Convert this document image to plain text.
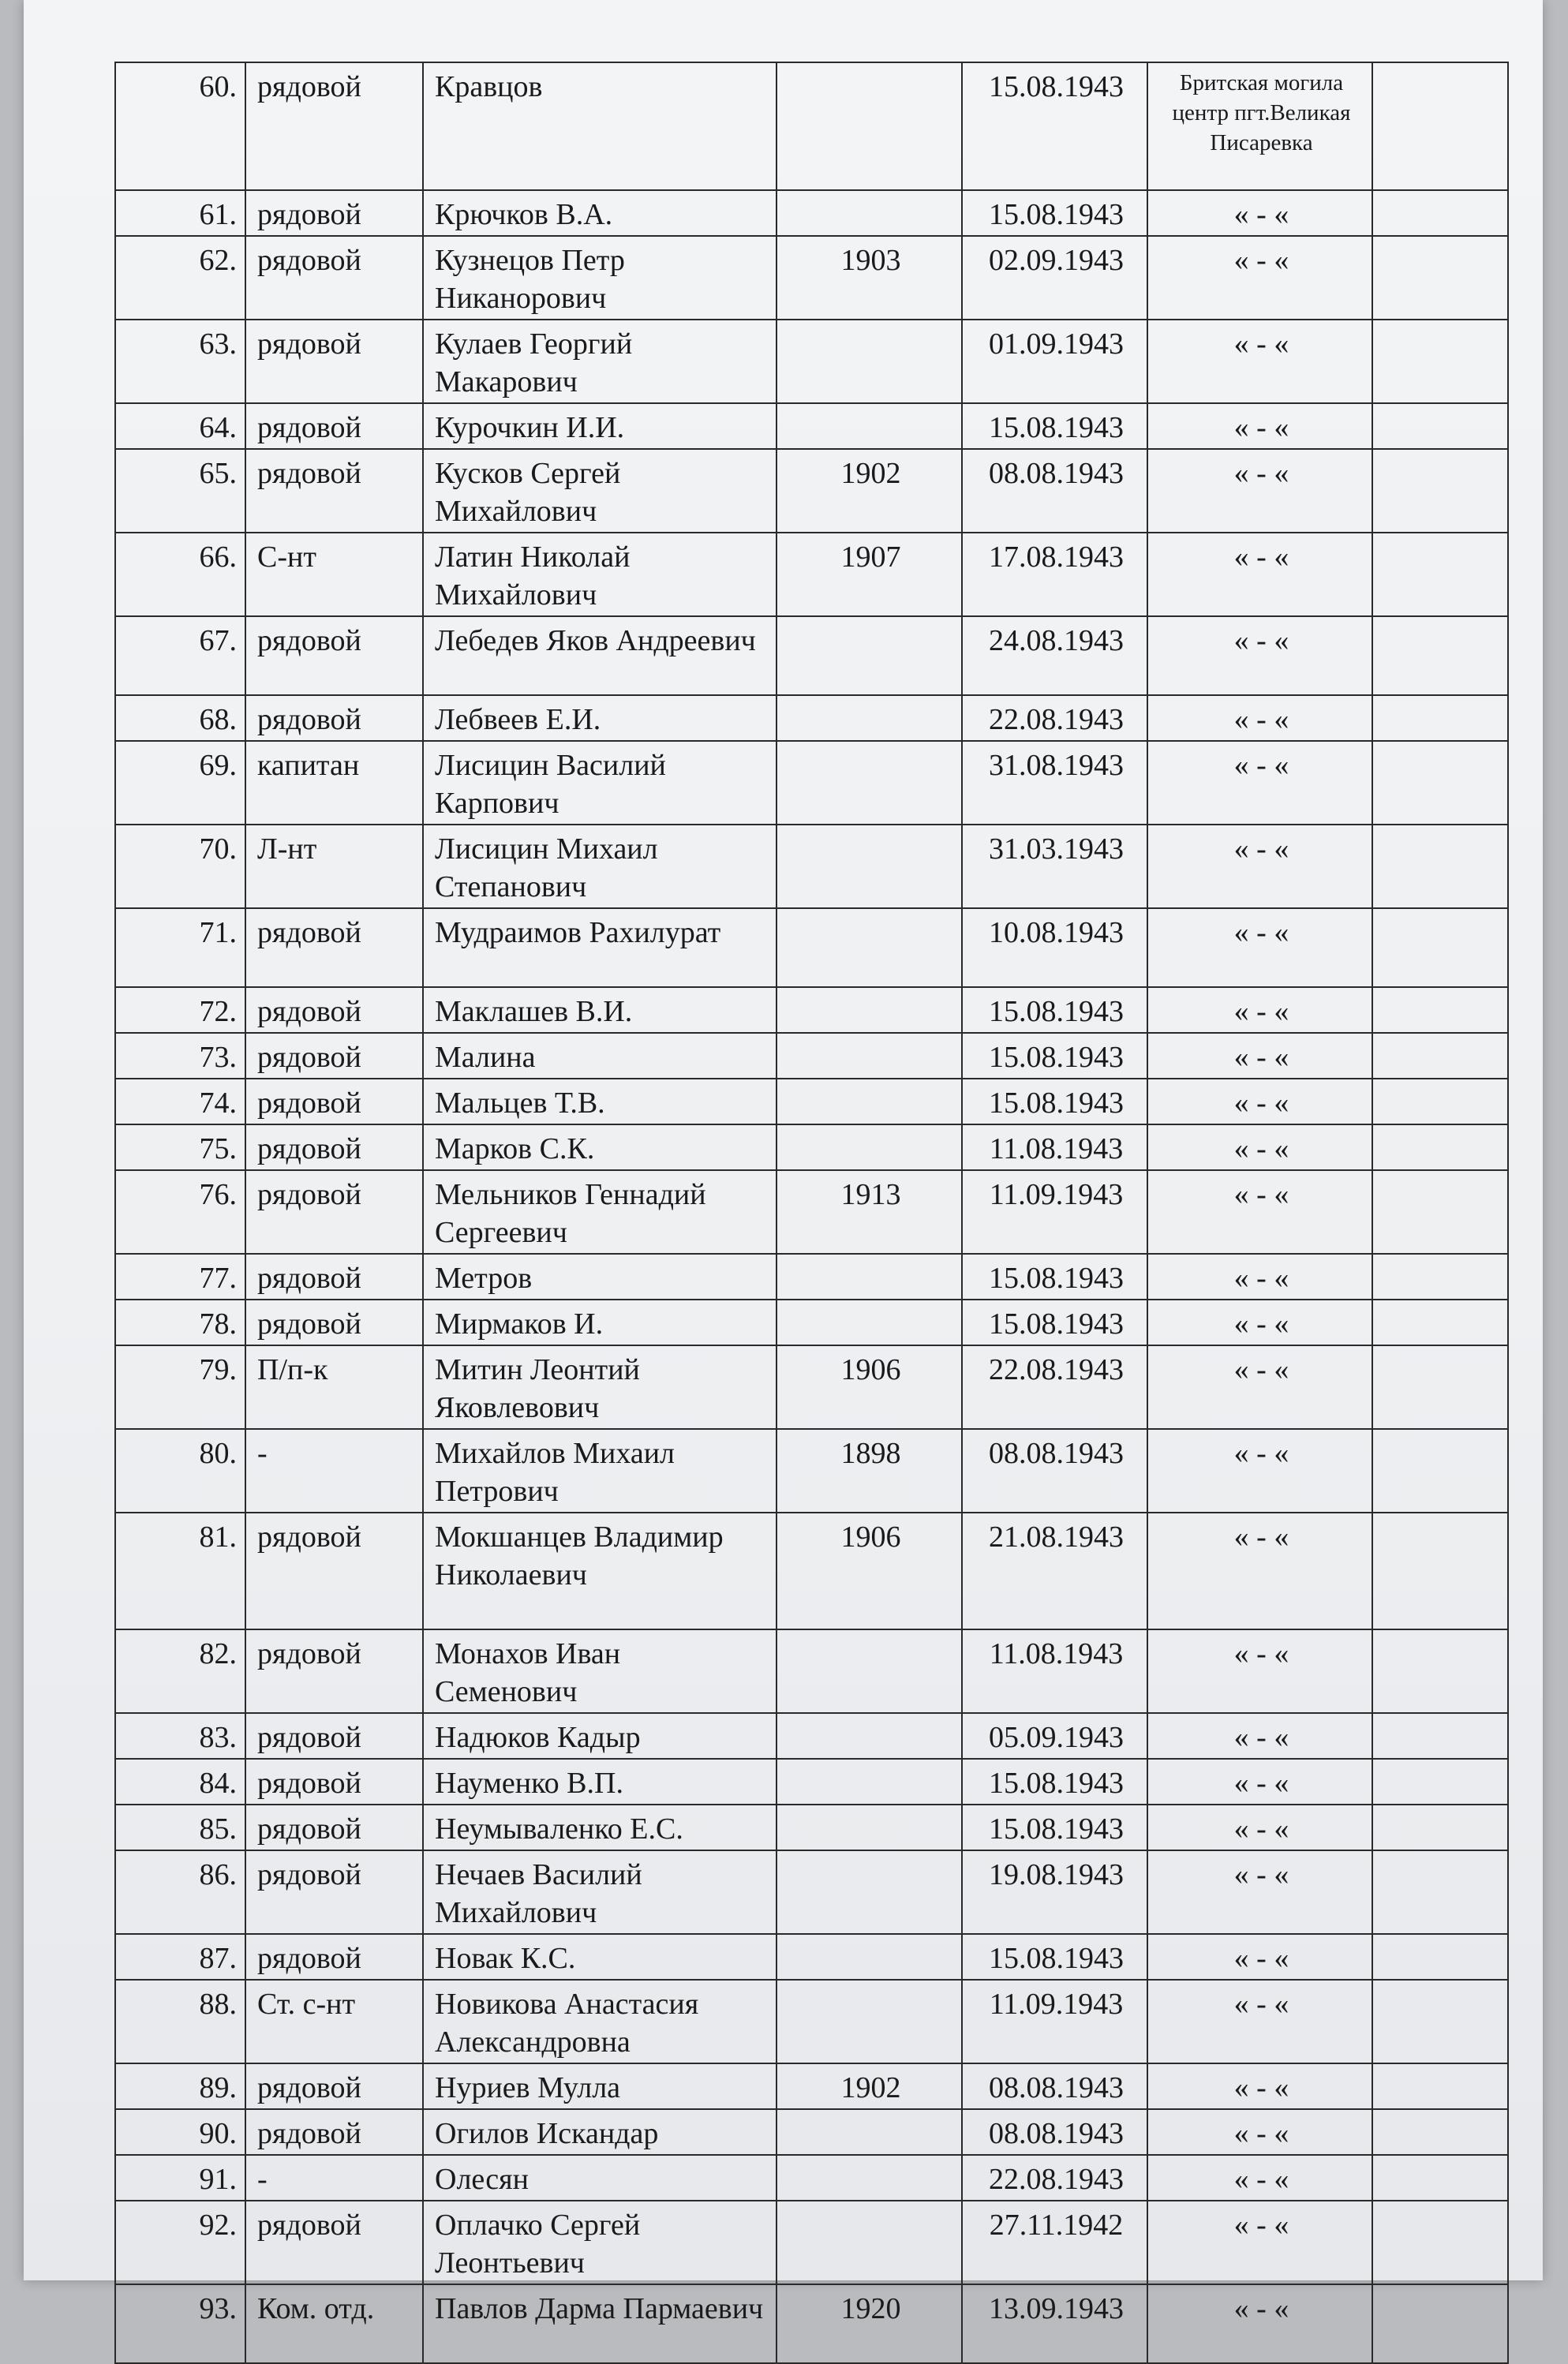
60.	рядовой	Кравцов		15.08.1943	Бритская могила центр пгт.Великая Писаревка	
61.	рядовой	Крючков В.А.		15.08.1943	« - «	
62.	рядовой	Кузнецов Петр Никанорович	1903	02.09.1943	« - «	
63.	рядовой	Кулаев Георгий Макарович		01.09.1943	« - «	
64.	рядовой	Курочкин И.И.		15.08.1943	« - «	
65.	рядовой	Кусков Сергей Михайлович	1902	08.08.1943	« - «	
66.	С-нт	Латин Николай Михайлович	1907	17.08.1943	« - «	
67.	рядовой	Лебедев Яков Андреевич		24.08.1943	« - «	
68.	рядовой	Лебвеев Е.И.		22.08.1943	« - «	
69.	капитан	Лисицин Василий Карпович		31.08.1943	« - «	
70.	Л-нт	Лисицин Михаил Степанович		31.03.1943	« - «	
71.	рядовой	Мудраимов Рахилурат		10.08.1943	« - «	
72.	рядовой	Маклашев В.И.		15.08.1943	« - «	
73.	рядовой	Малина		15.08.1943	« - «	
74.	рядовой	Мальцев Т.В.		15.08.1943	« - «	
75.	рядовой	Марков С.К.		11.08.1943	« - «	
76.	рядовой	Мельников Геннадий Сергеевич	1913	11.09.1943	« - «	
77.	рядовой	Метров		15.08.1943	« - «	
78.	рядовой	Мирмаков И.		15.08.1943	« - «	
79.	П/п-к	Митин Леонтий Яковлевович	1906	22.08.1943	« - «	
80.	-	Михайлов Михаил Петрович	1898	08.08.1943	« - «	
81.	рядовой	Мокшанцев Владимир Николаевич	1906	21.08.1943	« - «	
82.	рядовой	Монахов Иван Семенович		11.08.1943	« - «	
83.	рядовой	Надюков Кадыр		05.09.1943	« - «	
84.	рядовой	Науменко В.П.		15.08.1943	« - «	
85.	рядовой	Неумываленко Е.С.		15.08.1943	« - «	
86.	рядовой	Нечаев Василий Михайлович		19.08.1943	« - «	
87.	рядовой	Новак К.С.		15.08.1943	« - «	
88.	Ст. с-нт	Новикова Анастасия Александровна		11.09.1943	« - «	
89.	рядовой	Нуриев Мулла	1902	08.08.1943	« - «	
90.	рядовой	Огилов Искандар		08.08.1943	« - «	
91.	-	Олесян		22.08.1943	« - «	
92.	рядовой	Оплачко Сергей Леонтьевич		27.11.1942	« - «	
93.	Ком. отд.	Павлов Дарма Пармаевич	1920	13.09.1943	« - «	
